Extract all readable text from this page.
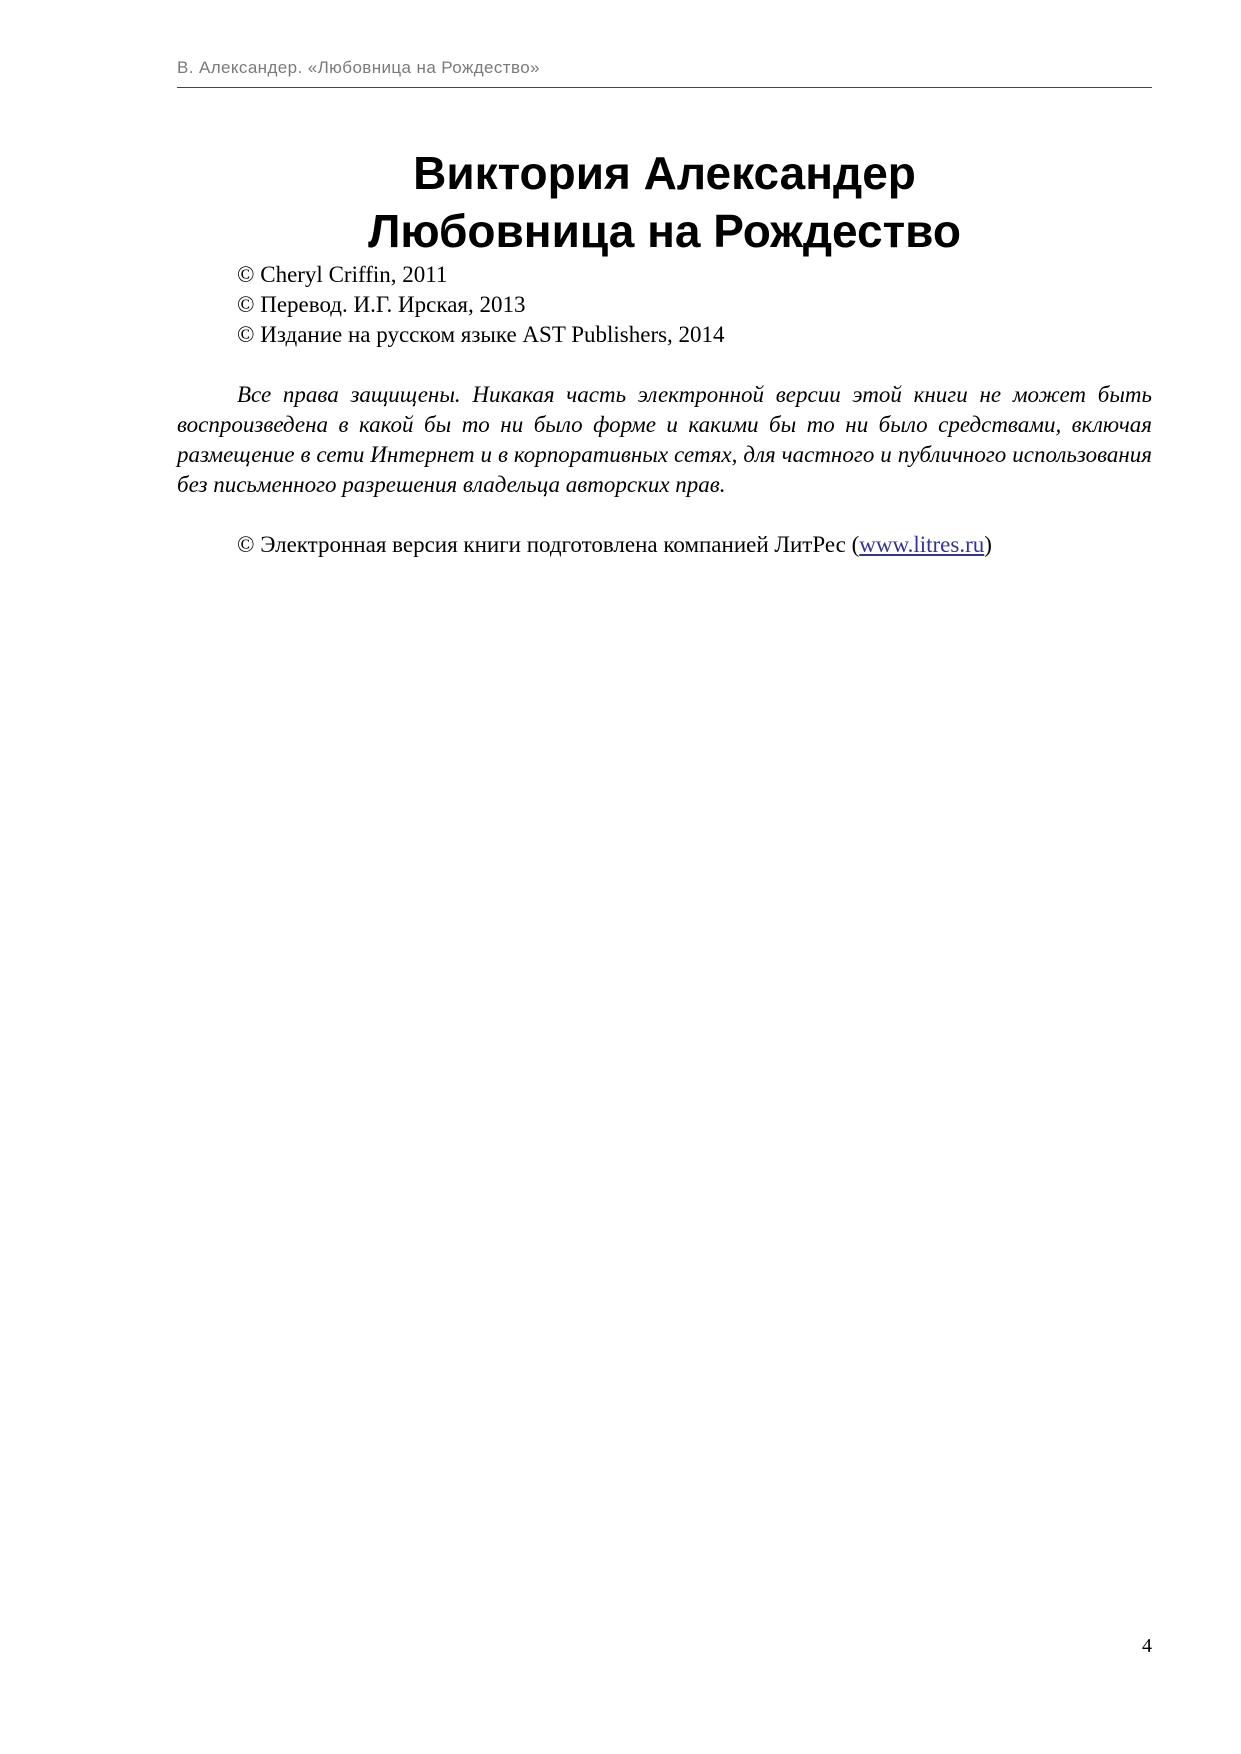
В. Александер. «Любовница на Рождество»
Виктория Александер
Любовница на Рождество
© Cheryl Criffin, 2011
© Перевод. И.Г. Ирская, 2013
© Издание на русском языке AST Publishers, 2014

Все права защищены. Никакая часть электронной версии этой книги не может быть воспроизведена в какой бы то ни было форме и какими бы то ни было средствами, включая размещение в сети Интернет и в корпоративных сетях, для частного и публичного использования без письменного разрешения владельца авторских прав.

© Электронная версия книги подготовлена компанией ЛитРес (www.litres.ru)
4
